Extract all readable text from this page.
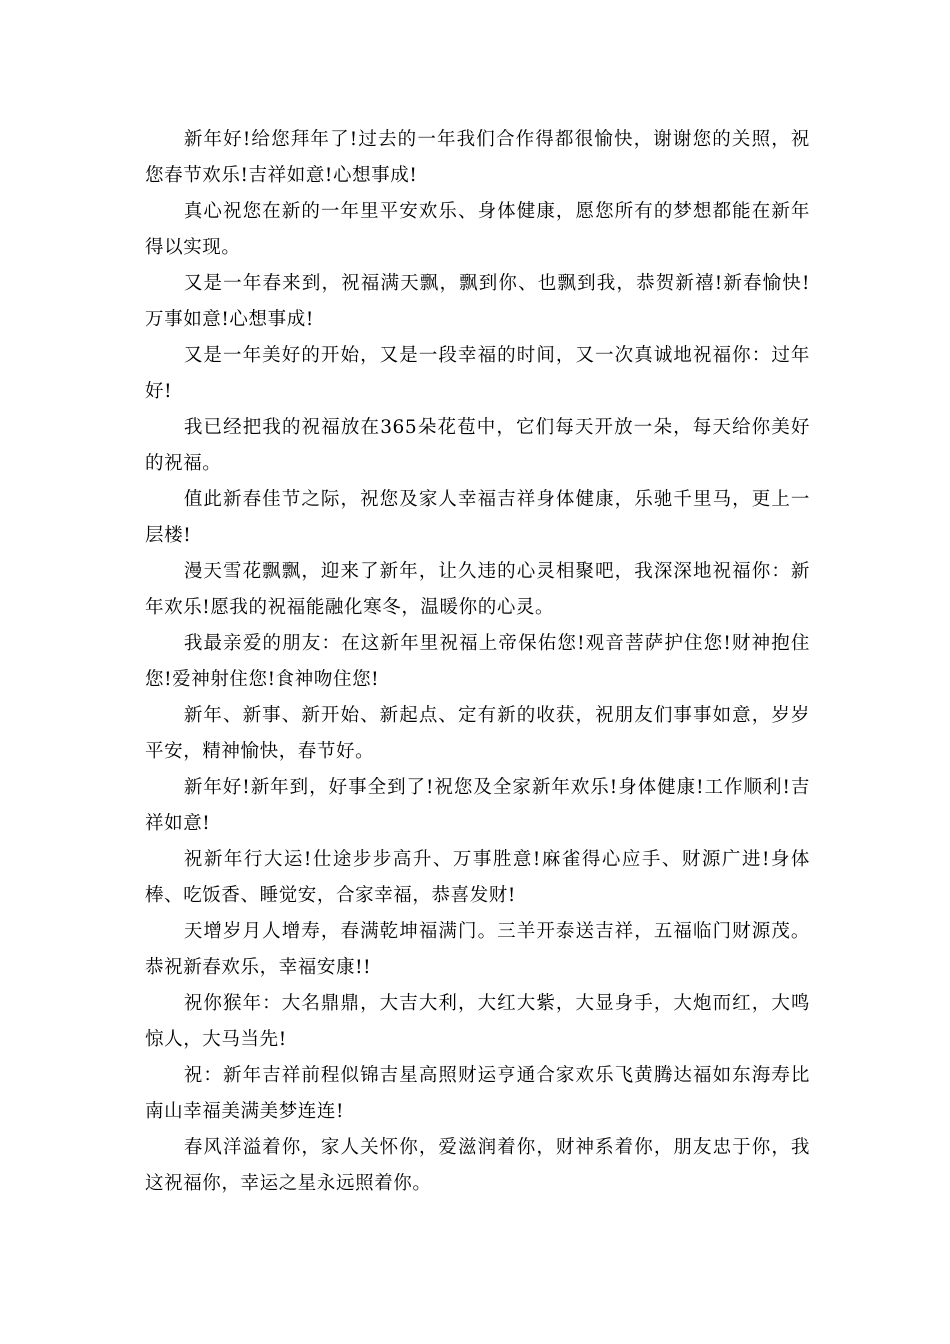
新年好!给您拜年了!过去的一年我们合作得都很愉快，谢谢您的关照，祝您春节欢乐!吉祥如意!心想事成!

真心祝您在新的一年里平安欢乐、身体健康，愿您所有的梦想都能在新年得以实现。

又是一年春来到，祝福满天飘，飘到你、也飘到我，恭贺新禧!新春愉快!万事如意!心想事成!

又是一年美好的开始，又是一段幸福的时间，又一次真诚地祝福你：过年好!

我已经把我的祝福放在365朵花苞中，它们每天开放一朵，每天给你美好的祝福。

值此新春佳节之际，祝您及家人幸福吉祥身体健康，乐驰千里马，更上一层楼!

漫天雪花飘飘，迎来了新年，让久违的心灵相聚吧，我深深地祝福你：新年欢乐!愿我的祝福能融化寒冬，温暖你的心灵。

我最亲爱的朋友：在这新年里祝福上帝保佑您!观音菩萨护住您!财神抱住您!爱神射住您!食神吻住您!

新年、新事、新开始、新起点、定有新的收获，祝朋友们事事如意，岁岁平安，精神愉快，春节好。

新年好!新年到，好事全到了!祝您及全家新年欢乐!身体健康!工作顺利!吉祥如意!

祝新年行大运!仕途步步高升、万事胜意!麻雀得心应手、财源广进!身体棒、吃饭香、睡觉安，合家幸福，恭喜发财!

天增岁月人增寿，春满乾坤福满门。三羊开泰送吉祥，五福临门财源茂。恭祝新春欢乐，幸福安康!!

祝你猴年：大名鼎鼎，大吉大利，大红大紫，大显身手，大炮而红，大鸣惊人，大马当先!

祝：新年吉祥前程似锦吉星高照财运亨通合家欢乐飞黄腾达福如东海寿比南山幸福美满美梦连连!

春风洋溢着你，家人关怀你，爱滋润着你，财神系着你，朋友忠于你，我这祝福你，幸运之星永远照着你。
